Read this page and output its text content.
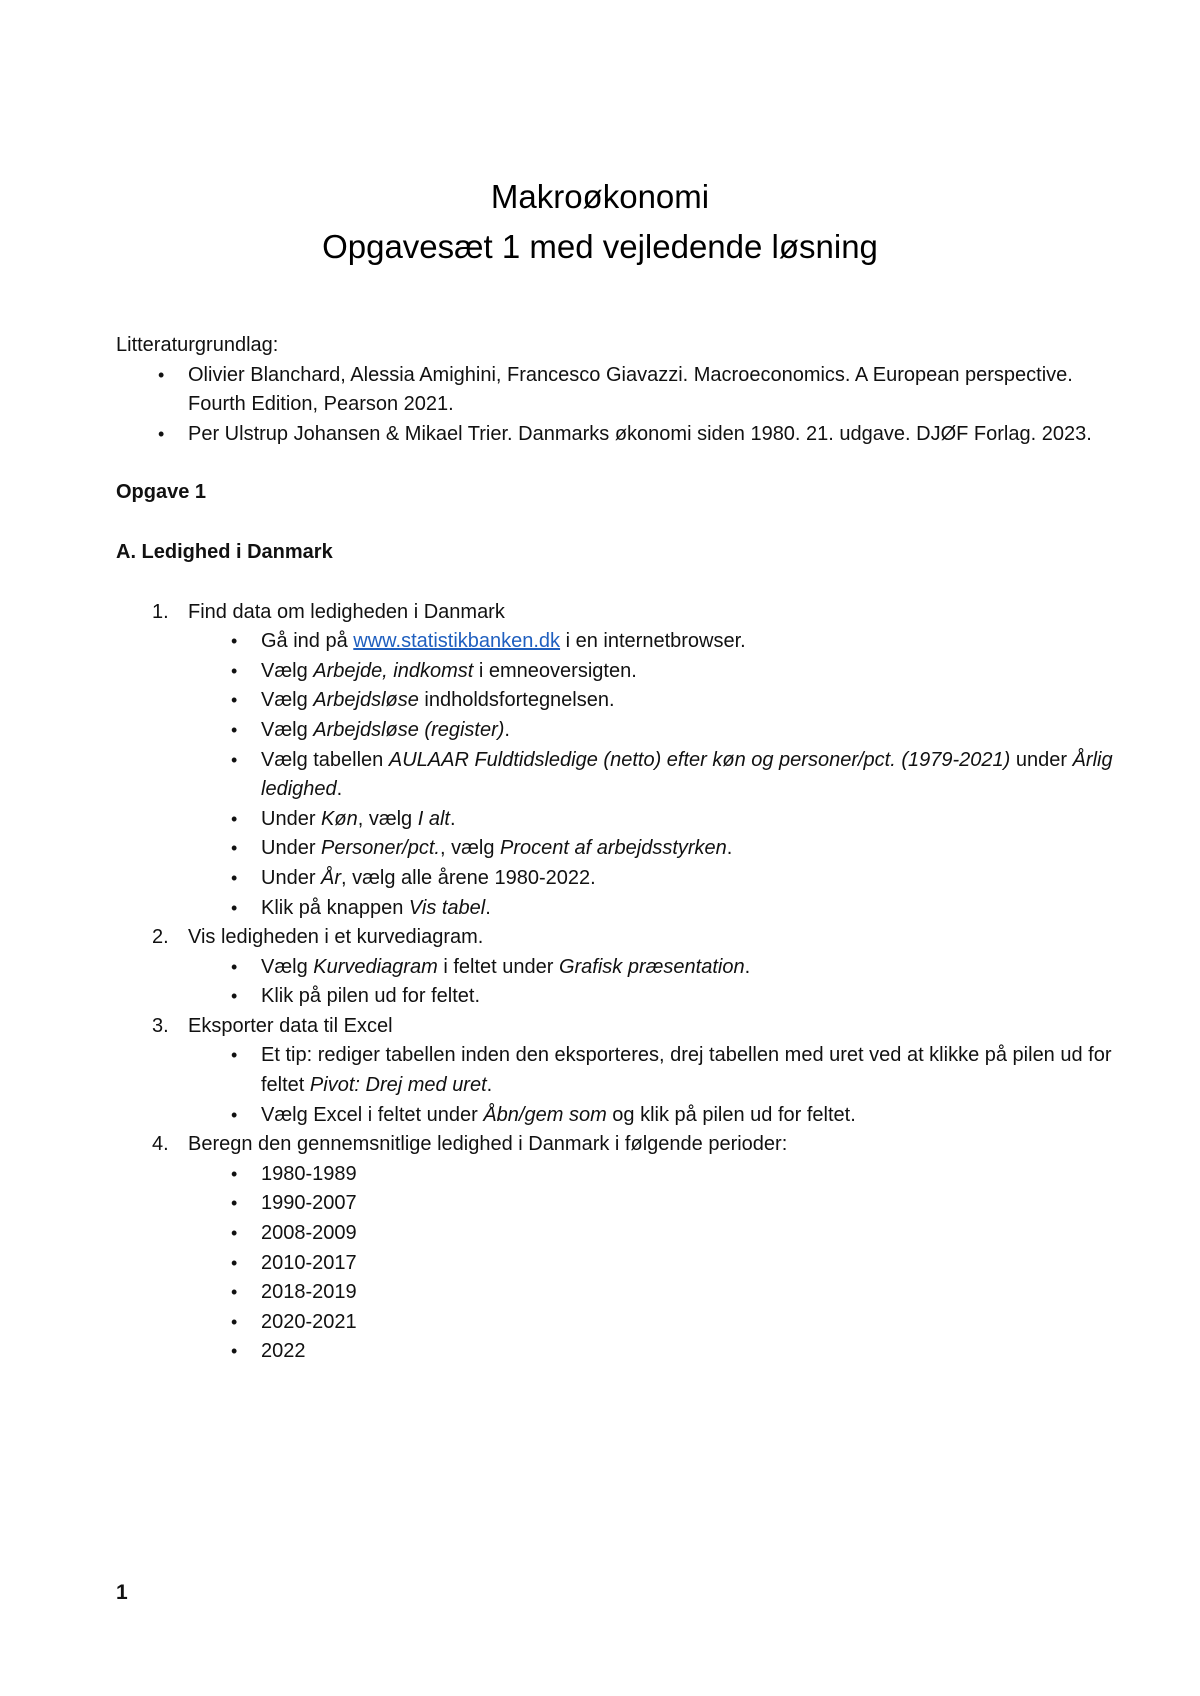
Makroøkonomi
Opgavesæt 1 med vejledende løsning

Litteraturgrundlag:

• Olivier Blanchard, Alessia Amighini, Francesco Giavazzi. Macroeconomics. A European perspective. Fourth Edition, Pearson 2021.
• Per Ulstrup Johansen & Mikael Trier. Danmarks økonomi siden 1980. 21. udgave. DJØF Forlag. 2023.

Opgave 1

A. Ledighed i Danmark

1. Find data om ledigheden i Danmark
• Gå ind på www.statistikbanken.dk i en internetbrowser.
• Vælg Arbejde, indkomst i emneoversigten.
• Vælg Arbejdsløse indholdsfortegnelsen.
• Vælg Arbejdsløse (register).
• Vælg tabellen AULAAR Fuldtidsledige (netto) efter køn og personer/pct. (1979-2021) under Årlig ledighed.
• Under Køn, vælg I alt.
• Under Personer/pct., vælg Procent af arbejdsstyrken.
• Under År, vælg alle årene 1980-2022.
• Klik på knappen Vis tabel.
2. Vis ledigheden i et kurvediagram.
• Vælg Kurvediagram i feltet under Grafisk præsentation.
• Klik på pilen ud for feltet.
3. Eksporter data til Excel
• Et tip: rediger tabellen inden den eksporteres, drej tabellen med uret ved at klikke på pilen ud for feltet Pivot: Drej med uret.
• Vælg Excel i feltet under Åbn/gem som og klik på pilen ud for feltet.
4. Beregn den gennemsnitlige ledighed i Danmark i følgende perioder:
• 1980-1989
• 1990-2007
• 2008-2009
• 2010-2017
• 2018-2019
• 2020-2021
• 2022
1
